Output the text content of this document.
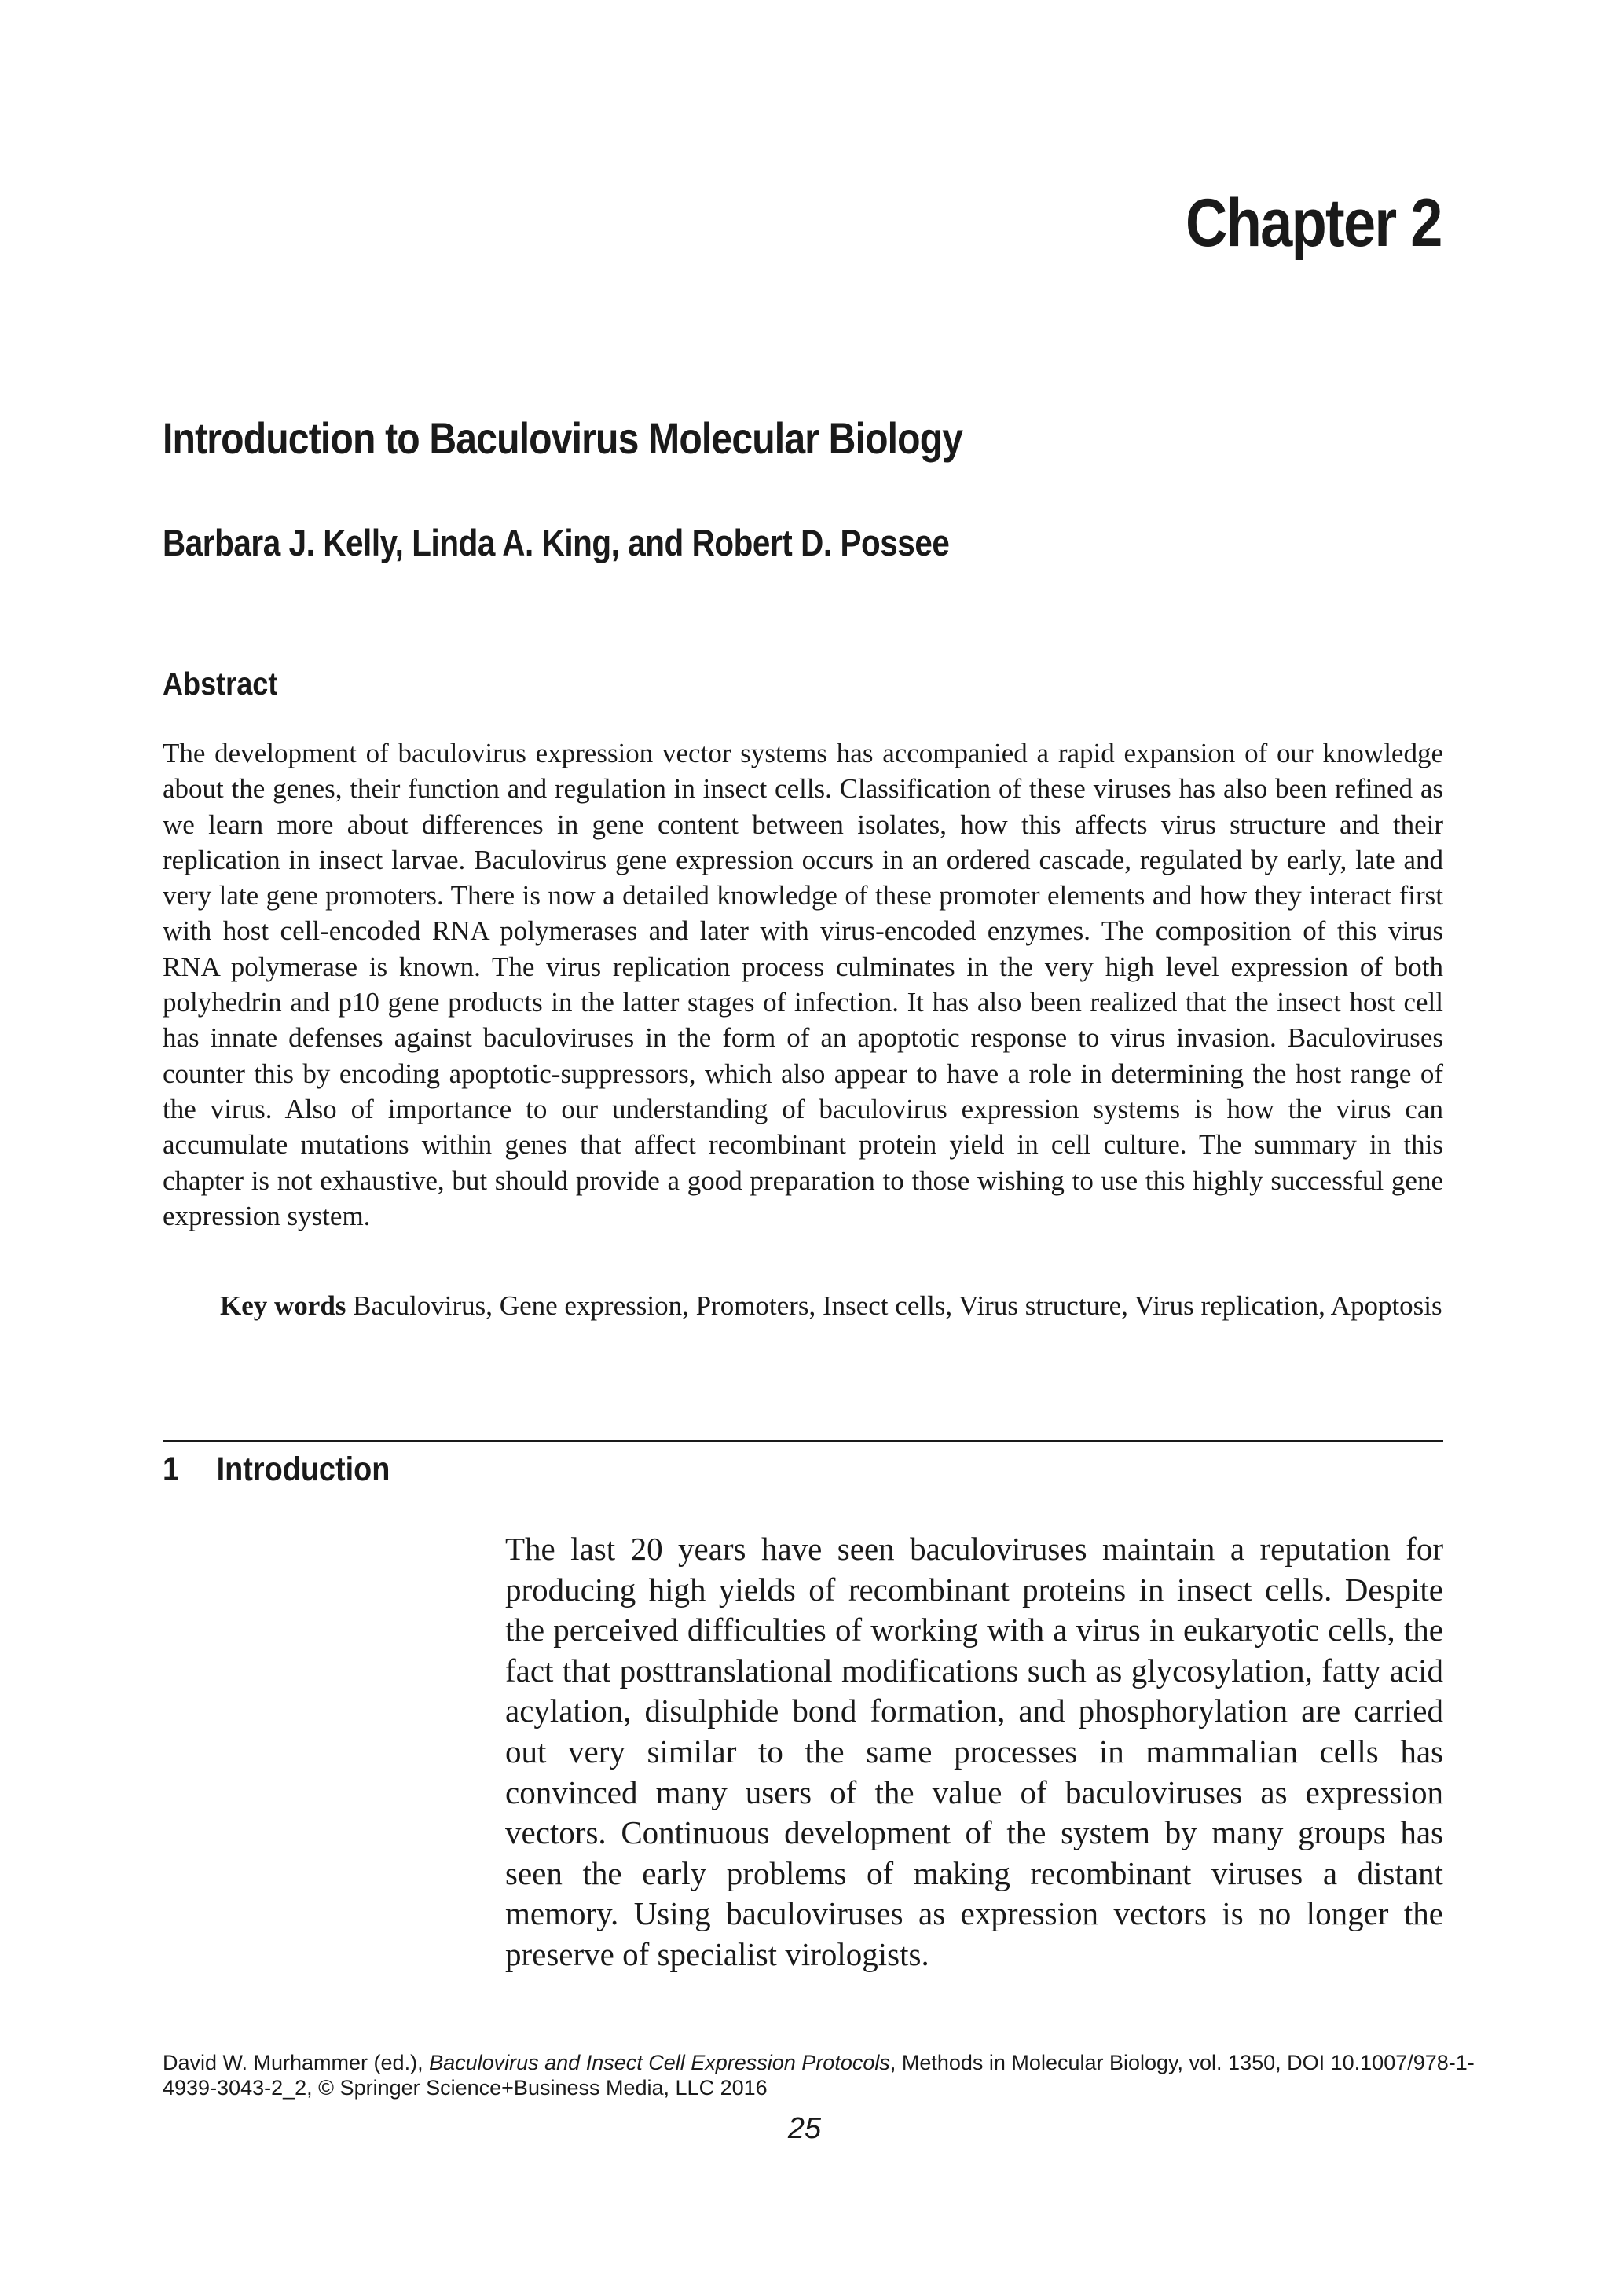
Chapter 2
Introduction to Baculovirus Molecular Biology
Barbara J. Kelly, Linda A. King, and Robert D. Possee
Abstract

The development of baculovirus expression vector systems has accompanied a rapid expansion of our knowledge about the genes, their function and regulation in insect cells. Classification of these viruses has also been refined as we learn more about differences in gene content between isolates, how this affects virus structure and their replication in insect larvae. Baculovirus gene expression occurs in an ordered cascade, regulated by early, late and very late gene promoters. There is now a detailed knowledge of these promoter elements and how they interact first with host cell-encoded RNA polymerases and later with virus-encoded enzymes. The composition of this virus RNA polymerase is known. The virus replication process culminates in the very high level expression of both polyhedrin and p10 gene products in the latter stages of infection. It has also been realized that the insect host cell has innate defenses against baculoviruses in the form of an apoptotic response to virus invasion. Baculoviruses counter this by encoding apoptotic-suppressors, which also appear to have a role in determining the host range of the virus. Also of importance to our understanding of baculovirus expression systems is how the virus can accumulate mutations within genes that affect recombinant protein yield in cell culture. The summary in this chapter is not exhaustive, but should provide a good preparation to those wishing to use this highly successful gene expression system.

Key words Baculovirus, Gene expression, Promoters, Insect cells, Virus structure, Virus replication, Apoptosis

1 Introduction

The last 20 years have seen baculoviruses maintain a reputation for producing high yields of recombinant proteins in insect cells. Despite the perceived difficulties of working with a virus in eukaryotic cells, the fact that posttranslational modifications such as glycosylation, fatty acid acylation, disulphide bond formation, and phosphorylation are carried out very similar to the same processes in mammalian cells has convinced many users of the value of baculoviruses as expression vectors. Continuous development of the system by many groups has seen the early problems of making recombinant viruses a distant memory. Using baculoviruses as expression vectors is no longer the preserve of specialist virologists.

David W. Murhammer (ed.), Baculovirus and Insect Cell Expression Protocols, Methods in Molecular Biology, vol. 1350, DOI 10.1007/978-1-4939-3043-2_2, © Springer Science+Business Media, LLC 2016

25
